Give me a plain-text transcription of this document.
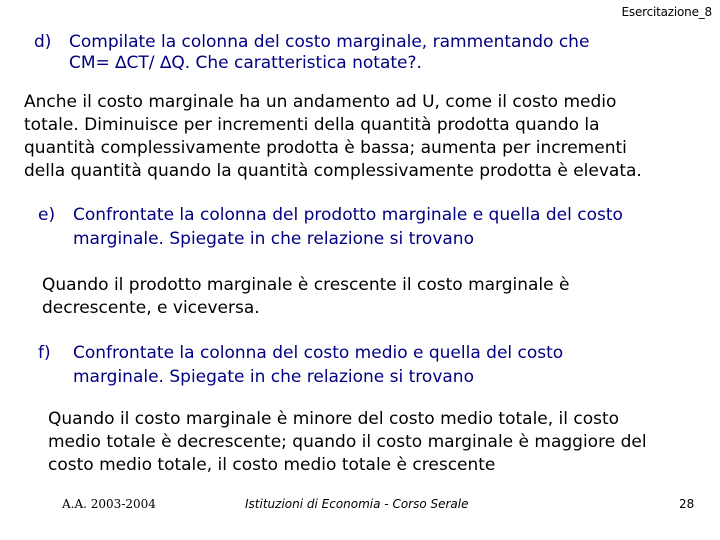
Esercitazione_8
d) Compilate la colonna del costo marginale, rammentando che
CM= ∆CT/ ∆Q. Che caratteristica notate?.
Anche il costo marginale ha un andamento ad U, come il costo medio
totale. Diminuisce per incrementi della quantità prodotta quando la
quantità complessivamente prodotta è bassa; aumenta per incrementi
della quantità quando la quantità complessivamente prodotta è elevata.
e) Confrontate la colonna del prodotto marginale e quella del costo
marginale. Spiegate in che relazione si trovano
Quando il prodotto marginale è crescente il costo marginale è
decrescente, e viceversa.
f) Confrontate la colonna del costo medio e quella del costo
marginale. Spiegate in che relazione si trovano
Quando il costo marginale è minore del costo medio totale, il costo
medio totale è decrescente; quando il costo marginale è maggiore del
costo medio totale, il costo medio totale è crescente
A.A. 2003-2004	Istituzioni di Economia - Corso Serale	28
